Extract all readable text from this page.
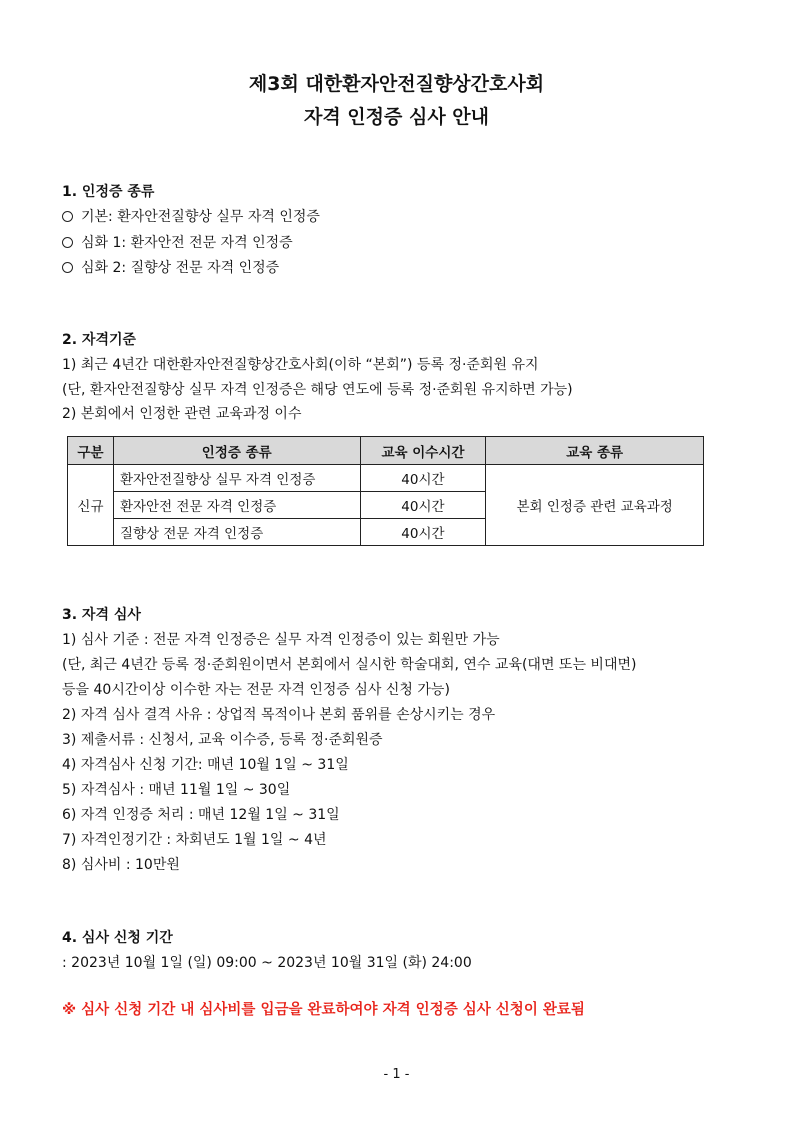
제3회 대한환자안전질향상간호사회
자격 인정증 심사 안내
1. 인정증 종류
기본: 환자안전질향상 실무 자격 인정증
심화 1: 환자안전 전문 자격 인정증
심화 2: 질향상 전문 자격 인정증
2. 자격기준
1) 최근 4년간 대한환자안전질향상간호사회(이하 “본회”) 등록 정·준회원 유지
(단, 환자안전질향상 실무 자격 인정증은 해당 연도에 등록 정·준회원 유지하면 가능)
2) 본회에서 인정한 관련 교육과정 이수
구분	인정증 종류	교육 이수시간	교육 종류
신규	환자안전질향상 실무 자격 인정증	40시간	본회 인정증 관련 교육과정
	환자안전 전문 자격 인정증	40시간	
	질향상 전문 자격 인정증	40시간	
3. 자격 심사
1) 심사 기준 : 전문 자격 인정증은 실무 자격 인정증이 있는 회원만 가능
(단, 최근 4년간 등록 정·준회원이면서 본회에서 실시한 학술대회, 연수 교육(대면 또는 비대면)
등을 40시간이상 이수한 자는 전문 자격 인정증 심사 신청 가능)
2) 자격 심사 결격 사유 : 상업적 목적이나 본회 품위를 손상시키는 경우
3) 제출서류 : 신청서, 교육 이수증, 등록 정·준회원증
4) 자격심사 신청 기간: 매년 10월 1일 ~ 31일
5) 자격심사 : 매년 11월 1일 ~ 30일
6) 자격 인정증 처리 : 매년 12월 1일 ~ 31일
7) 자격인정기간 : 차회년도 1월 1일 ~ 4년
8) 심사비 : 10만원
4. 심사 신청 기간
: 2023년 10월 1일 (일) 09:00 ~ 2023년 10월 31일 (화) 24:00
※ 심사 신청 기간 내 심사비를 입금을 완료하여야 자격 인정증 심사 신청이 완료됨
- 1 -
